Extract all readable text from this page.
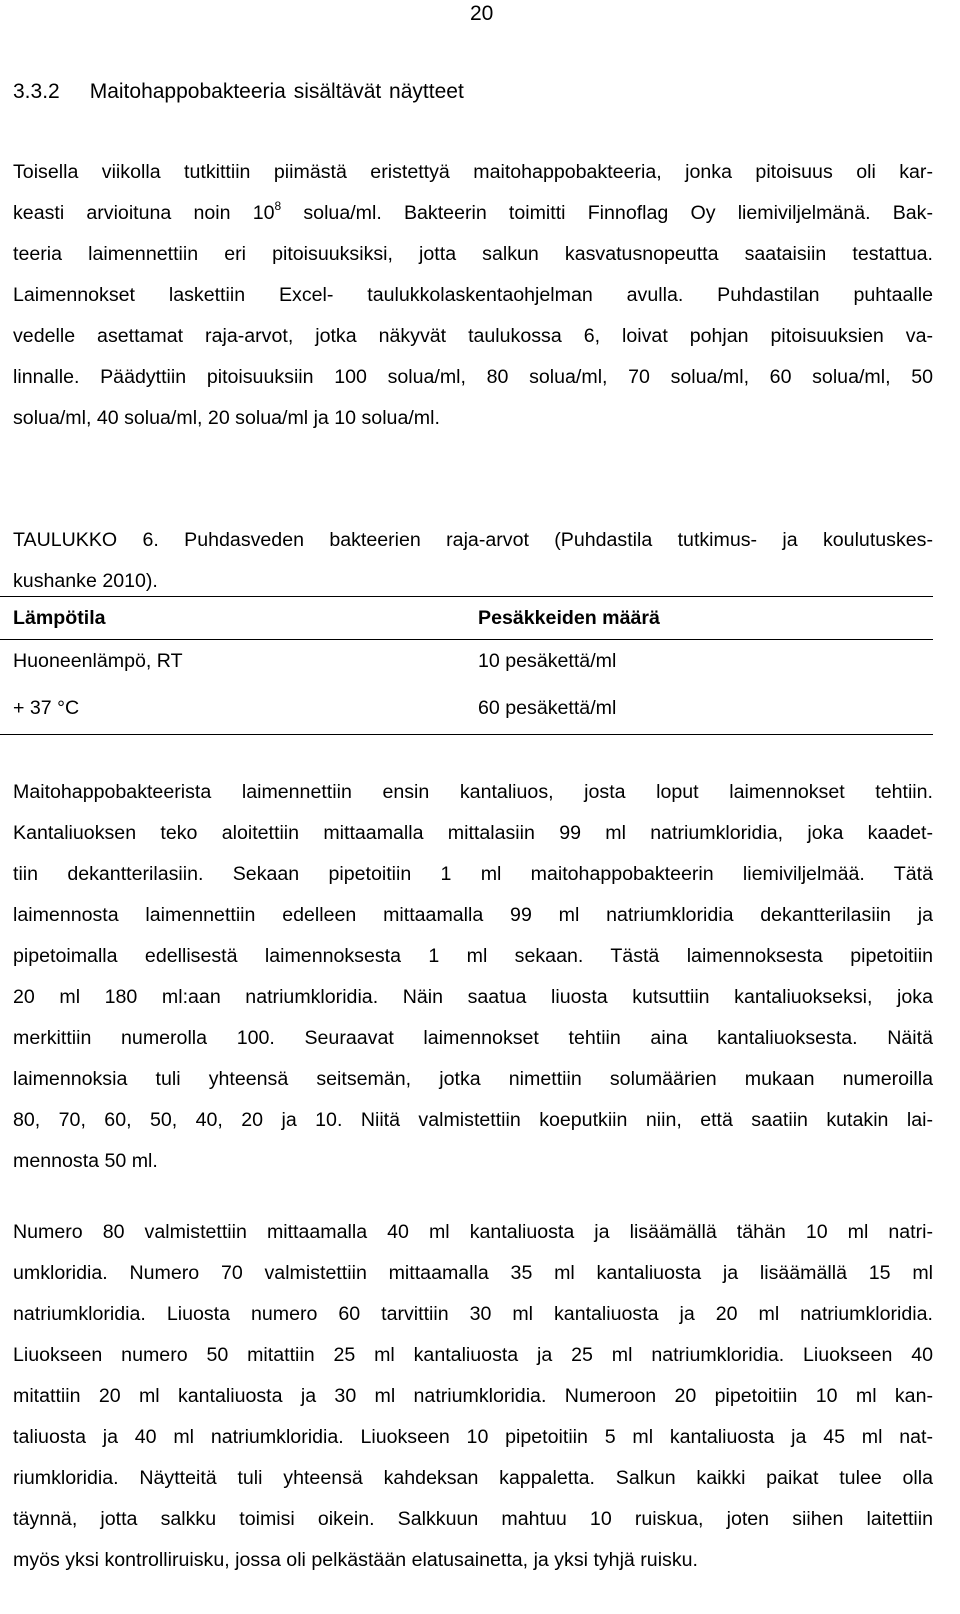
20
3.3.2 Maitohappobakteeria sisältävät näytteet
Toisella viikolla tutkittiin piimästä eristettyä maitohappobakteeria, jonka pitoisuus oli kar-
keasti arvioituna noin $10^8$ solua/ml. Bakteerin toimitti Finnoflag Oy liemiviljelmänä. Bak-
teeria laimennettiin eri pitoisuuksiksi, jotta salkun kasvatusnopeutta saataisiin testattua.
Laimennokset laskettiin Excel- taulukkolaskentaohjelman avulla. Puhdastilan puhtaalle
vedelle asettamat raja-arvot, jotka näkyvät taulukossa 6, loivat pohjan pitoisuuksien va-
linnalle. Päädyttiin pitoisuuksiin 100 solua/ml, 80 solua/ml, 70 solua/ml, 60 solua/ml, 50
solua/ml, 40 solua/ml, 20 solua/ml ja 10 solua/ml.
TAULUKKO 6. Puhdasveden bakteerien raja-arvot (Puhdastila tutkimus- ja koulutuskes-
kushanke 2010).
Lämpötila	Pesäkkeiden määrä
Huoneenlämpö, RT	10 pesäkettä/ml
+ 37 °C	60 pesäkettä/ml
Maitohappobakteerista laimennettiin ensin kantaliuos, josta loput laimennokset tehtiin.
Kantaliuoksen teko aloitettiin mittaamalla mittalasiin 99 ml natriumkloridia, joka kaadet-
tiin dekantterilasiin. Sekaan pipetoitiin 1 ml maitohappobakteerin liemiviljelmää. Tätä
laimennosta laimennettiin edelleen mittaamalla 99 ml natriumkloridia dekantterilasiin ja
pipetoimalla edellisestä laimennoksesta 1 ml sekaan. Tästä laimennoksesta pipetoitiin
20 ml 180 ml:aan natriumkloridia. Näin saatua liuosta kutsuttiin kantaliuokseksi, joka
merkittiin numerolla 100. Seuraavat laimennokset tehtiin aina kantaliuoksesta. Näitä
laimennoksia tuli yhteensä seitsemän, jotka nimettiin solumäärien mukaan numeroilla
80, 70, 60, 50, 40, 20 ja 10. Niitä valmistettiin koeputkiin niin, että saatiin kutakin lai-
mennosta 50 ml.
Numero 80 valmistettiin mittaamalla 40 ml kantaliuosta ja lisäämällä tähän 10 ml natri-
umkloridia. Numero 70 valmistettiin mittaamalla 35 ml kantaliuosta ja lisäämällä 15 ml
natriumkloridia. Liuosta numero 60 tarvittiin 30 ml kantaliuosta ja 20 ml natriumkloridia.
Liuokseen numero 50 mitattiin 25 ml kantaliuosta ja 25 ml natriumkloridia. Liuokseen 40
mitattiin 20 ml kantaliuosta ja 30 ml natriumkloridia. Numeroon 20 pipetoitiin 10 ml kan-
taliuosta ja 40 ml natriumkloridia. Liuokseen 10 pipetoitiin 5 ml kantaliuosta ja 45 ml nat-
riumkloridia. Näytteitä tuli yhteensä kahdeksan kappaletta. Salkun kaikki paikat tulee olla
täynnä, jotta salkku toimisi oikein. Salkkuun mahtuu 10 ruiskua, joten siihen laitettiin
myös yksi kontrolliruisku, jossa oli pelkästään elatusainetta, ja yksi tyhjä ruisku.
